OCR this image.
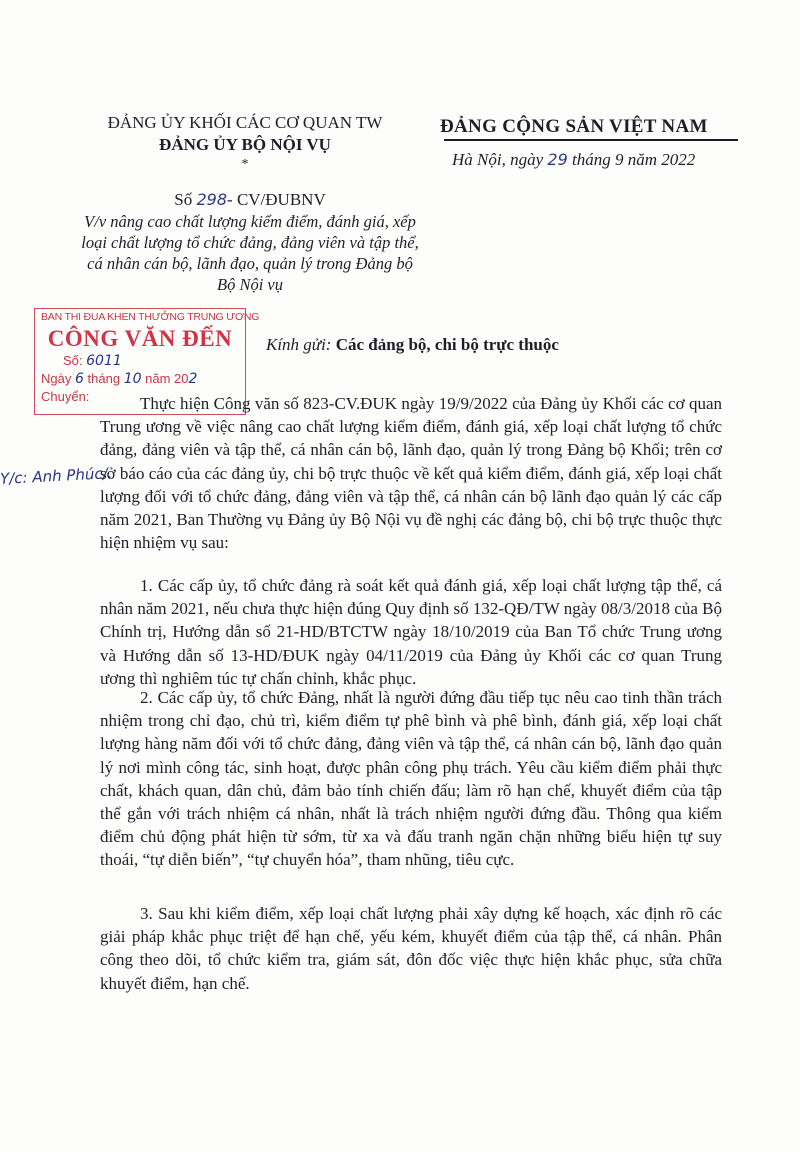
ĐẢNG ỦY KHỐI CÁC CƠ QUAN TW
ĐẢNG ỦY BỘ NỘI VỤ
*
ĐẢNG CỘNG SẢN VIỆT NAM
Hà Nội, ngày 29 tháng 9 năm 2022
Số 298- CV/ĐUBNV
V/v nâng cao chất lượng kiểm điểm, đánh giá, xếp loại chất lượng tổ chức đảng, đảng viên và tập thể, cá nhân cán bộ, lãnh đạo, quản lý trong Đảng bộ Bộ Nội vụ
BAN THI ĐUA KHEN THƯỞNG TRUNG ƯƠNG
CÔNG VĂN ĐẾN
Số: 6011
Ngày 6 tháng 10 năm 202
Chuyển:
Kính gửi: Các đảng bộ, chi bộ trực thuộc
Y/c: Anh Phúc/.
Thực hiện Công văn số 823-CV.ĐUK ngày 19/9/2022 của Đảng ủy Khối các cơ quan Trung ương về việc nâng cao chất lượng kiểm điểm, đánh giá, xếp loại chất lượng tổ chức đảng, đảng viên và tập thể, cá nhân cán bộ, lãnh đạo, quản lý trong Đảng bộ Khối; trên cơ sở báo cáo của các đảng ủy, chi bộ trực thuộc về kết quả kiểm điểm, đánh giá, xếp loại chất lượng đối với tổ chức đảng, đảng viên và tập thể, cá nhân cán bộ lãnh đạo quản lý các cấp năm 2021, Ban Thường vụ Đảng ủy Bộ Nội vụ đề nghị các đảng bộ, chi bộ trực thuộc thực hiện nhiệm vụ sau:
1. Các cấp ủy, tổ chức đảng rà soát kết quả đánh giá, xếp loại chất lượng tập thể, cá nhân năm 2021, nếu chưa thực hiện đúng Quy định số 132-QĐ/TW ngày 08/3/2018 của Bộ Chính trị, Hướng dẫn số 21-HD/BTCTW ngày 18/10/2019 của Ban Tổ chức Trung ương và Hướng dẫn số 13-HD/ĐUK ngày 04/11/2019 của Đảng ủy Khối các cơ quan Trung ương thì nghiêm túc tự chấn chỉnh, khắc phục.
2. Các cấp ủy, tổ chức Đảng, nhất là người đứng đầu tiếp tục nêu cao tinh thần trách nhiệm trong chỉ đạo, chủ trì, kiểm điểm tự phê bình và phê bình, đánh giá, xếp loại chất lượng hàng năm đối với tổ chức đảng, đảng viên và tập thể, cá nhân cán bộ, lãnh đạo quản lý nơi mình công tác, sinh hoạt, được phân công phụ trách. Yêu cầu kiểm điểm phải thực chất, khách quan, dân chủ, đảm bảo tính chiến đấu; làm rõ hạn chế, khuyết điểm của tập thể gắn với trách nhiệm cá nhân, nhất là trách nhiệm người đứng đầu. Thông qua kiểm điểm chủ động phát hiện từ sớm, từ xa và đấu tranh ngăn chặn những biểu hiện tự suy thoái, “tự diễn biến”, “tự chuyển hóa”, tham nhũng, tiêu cực.
3. Sau khi kiểm điểm, xếp loại chất lượng phải xây dựng kế hoạch, xác định rõ các giải pháp khắc phục triệt để hạn chế, yếu kém, khuyết điểm của tập thể, cá nhân. Phân công theo dõi, tổ chức kiểm tra, giám sát, đôn đốc việc thực hiện khắc phục, sửa chữa khuyết điểm, hạn chế.
